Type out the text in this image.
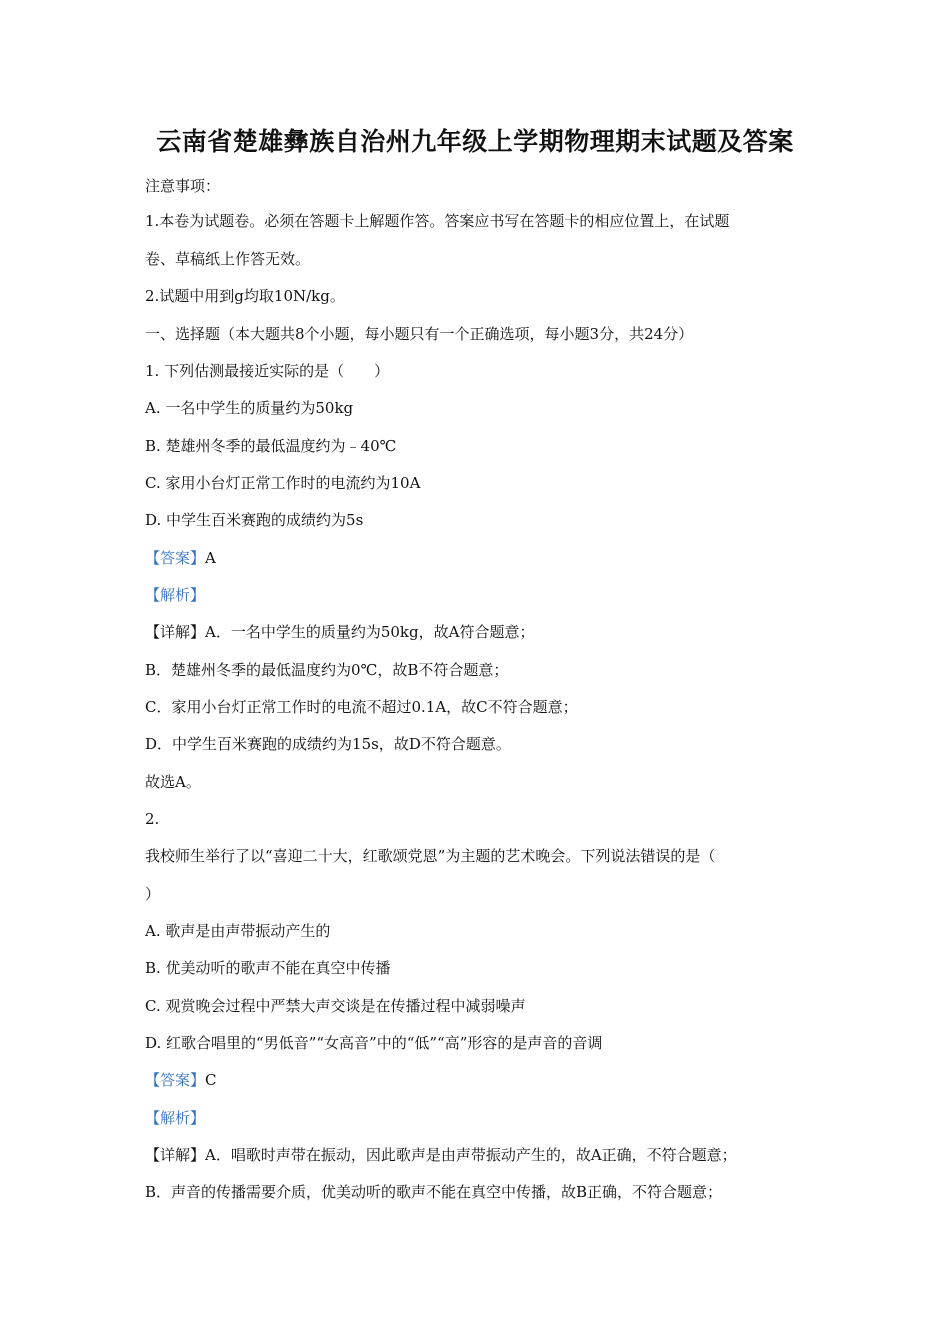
云南省楚雄彝族自治州九年级上学期物理期末试题及答案
注意事项：
1.本卷为试题卷。必须在答题卡上解题作答。答案应书写在答题卡的相应位置上，在试题
卷、草稿纸上作答无效。
2.试题中用到g均取10N/kg。
一、选择题（本大题共8个小题，每小题只有一个正确选项，每小题3分，共24分）
1. 下列估测最接近实际的是（　　）
A. 一名中学生的质量约为50kg
B. 楚雄州冬季的最低温度约为﹣40℃
C. 家用小台灯正常工作时的电流约为10A
D. 中学生百米赛跑的成绩约为5s
【答案】A
【解析】
【详解】A．一名中学生的质量约为50kg，故A符合题意；
B．楚雄州冬季的最低温度约为0℃，故B不符合题意；
C．家用小台灯正常工作时的电流不超过0.1A，故C不符合题意；
D．中学生百米赛跑的成绩约为15s，故D不符合题意。
故选A。
2.
我校师生举行了以“喜迎二十大，红歌颂党恩”为主题的艺术晚会。下列说法错误的是（
）
A. 歌声是由声带振动产生的
B. 优美动听的歌声不能在真空中传播
C. 观赏晚会过程中严禁大声交谈是在传播过程中减弱噪声
D. 红歌合唱里的“男低音”“女高音”中的“低”“高”形容的是声音的音调
【答案】C
【解析】
【详解】A．唱歌时声带在振动，因此歌声是由声带振动产生的，故A正确，不符合题意；
B．声音的传播需要介质，优美动听的歌声不能在真空中传播，故B正确，不符合题意；
